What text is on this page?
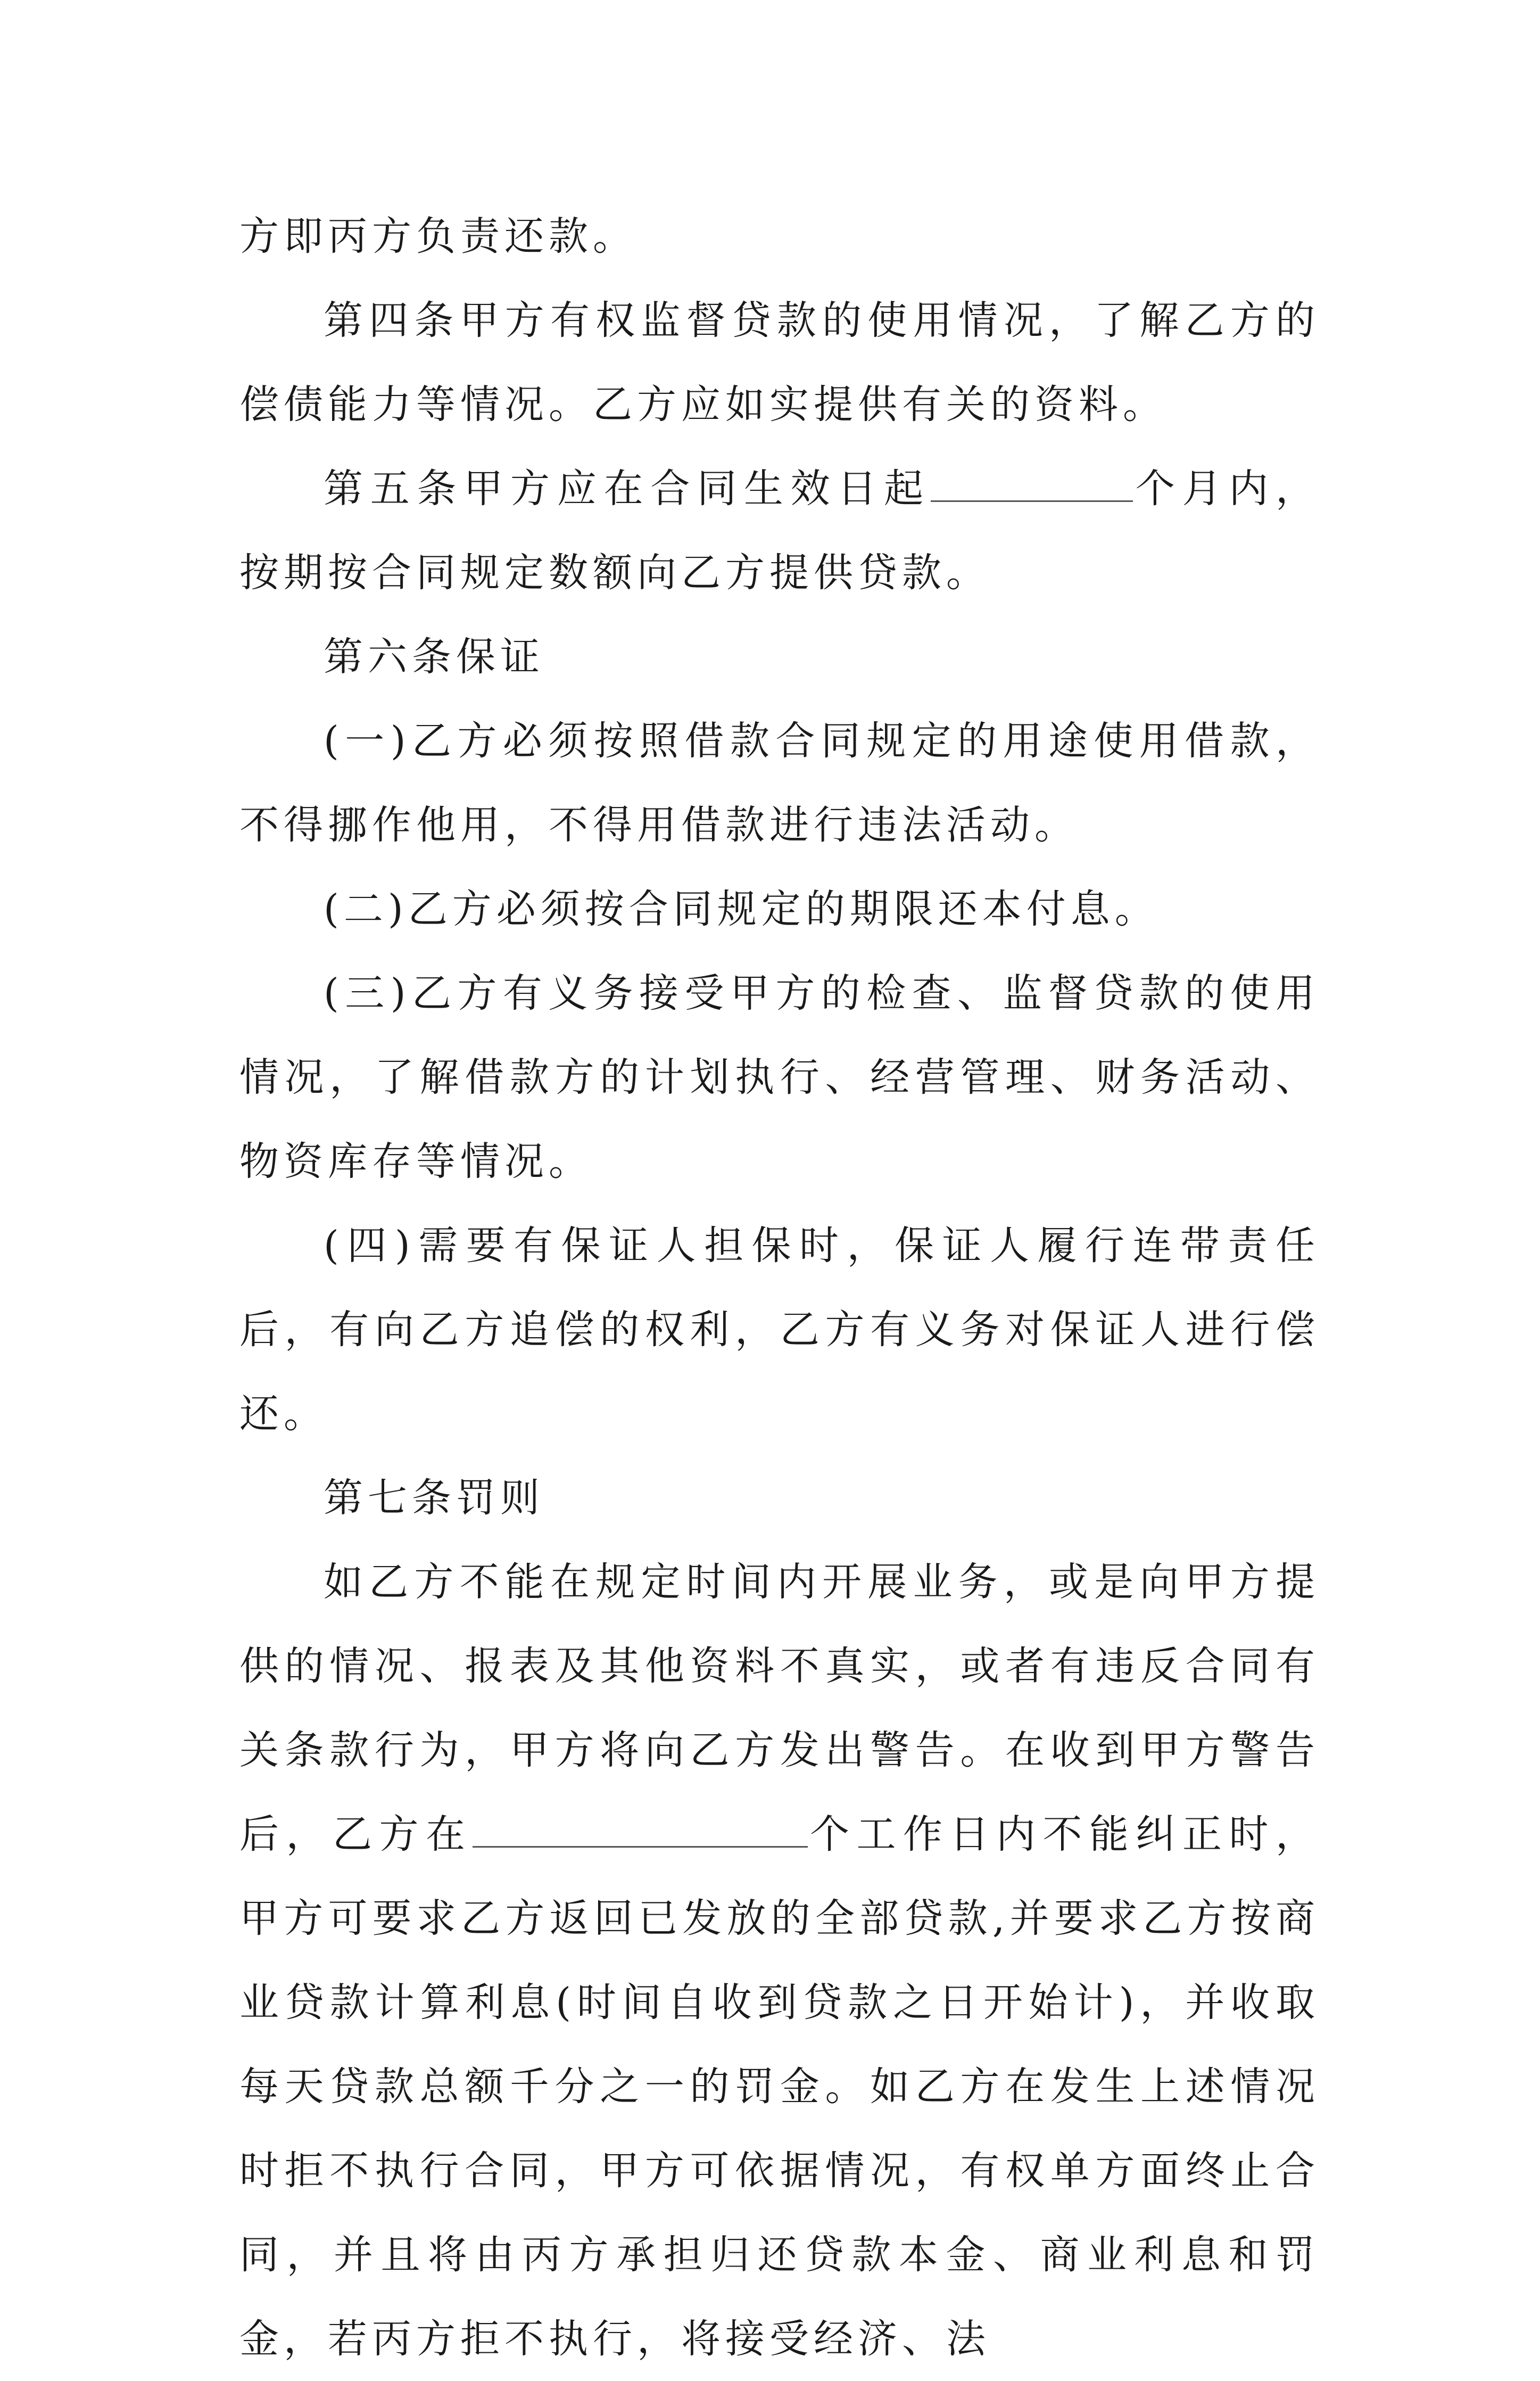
方即丙方负责还款。

第四条甲方有权监督贷款的使用情况，了解乙方的偿债能力等情况。乙方应如实提供有关的资料。

第五条甲方应在合同生效日起	个月内，按期按合同规定数额向乙方提供贷款。

第六条保证

(一)乙方必须按照借款合同规定的用途使用借款，不得挪作他用，不得用借款进行违法活动。

(二)乙方必须按合同规定的期限还本付息。

(三)乙方有义务接受甲方的检查、监督贷款的使用情况，了解借款方的计划执行、经营管理、财务活动、物资库存等情况。

(四)需要有保证人担保时，保证人履行连带责任后，有向乙方追偿的权利，乙方有义务对保证人进行偿还。

第七条罚则

如乙方不能在规定时间内开展业务，或是向甲方提供的情况、报表及其他资料不真实，或者有违反合同有关条款行为，甲方将向乙方发出警告。在收到甲方警告后，乙方在	个工作日内不能纠正时，甲方可要求乙方返回已发放的全部贷款,并要求乙方按商业贷款计算利息(时间自收到贷款之日开始计)，并收取每天贷款总额千分之一的罚金。如乙方在发生上述情况时拒不执行合同，甲方可依据情况，有权单方面终止合同，并且将由丙方承担归还贷款本金、商业利息和罚金，若丙方拒不执行，将接受经济、法
